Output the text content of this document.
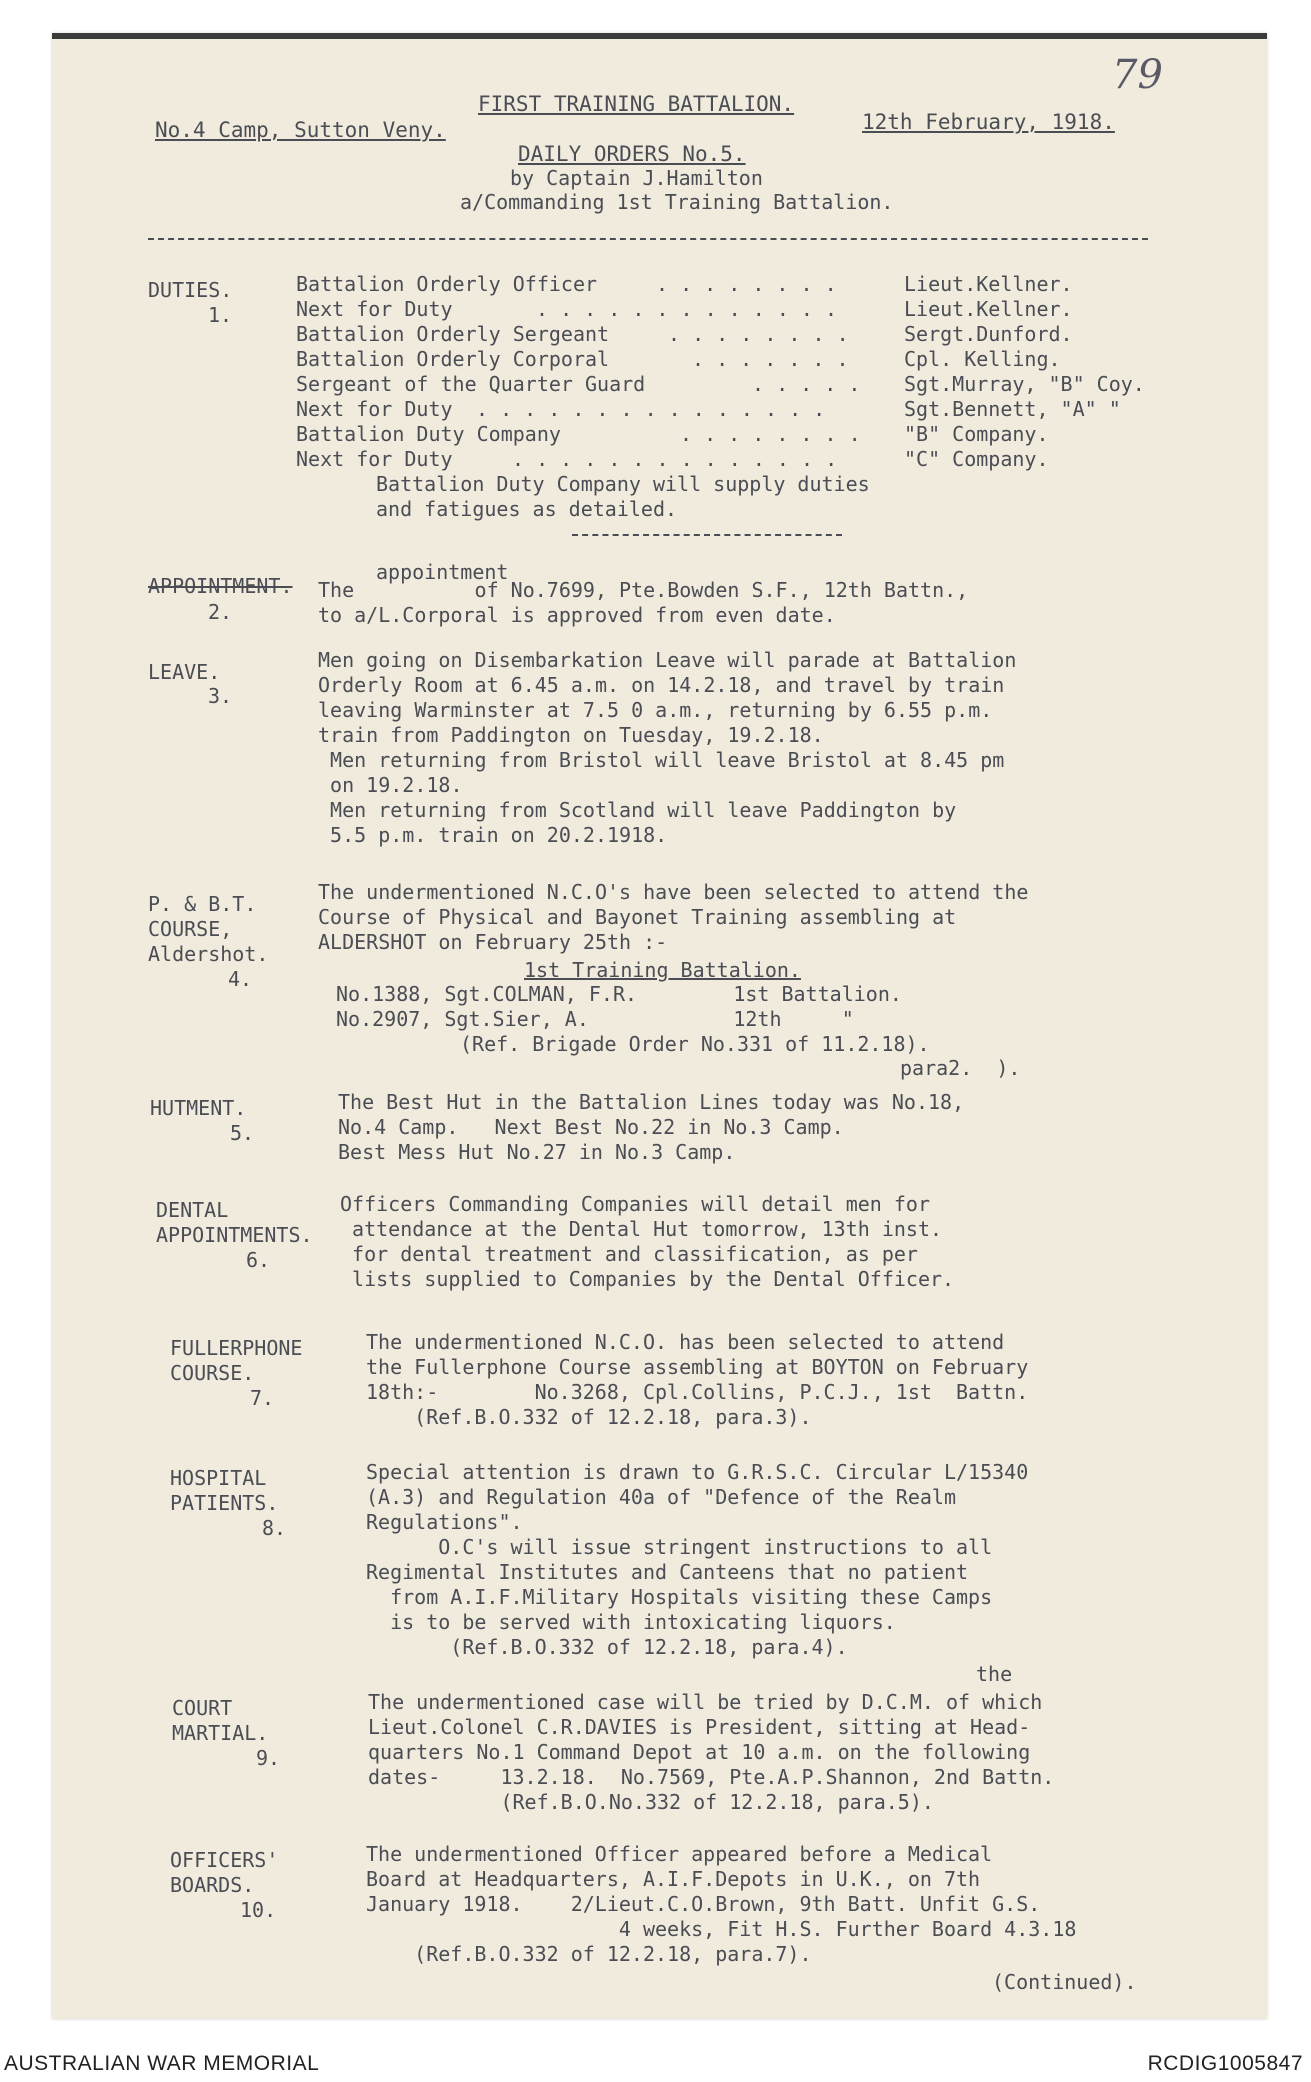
79
FIRST TRAINING BATTALION.
No.4 Camp, Sutton Veny.	12th February, 1918.
DAILY ORDERS No.5.
by Captain J.Hamilton
a/Commanding 1st Training Battalion.
DUTIES.
1.
Battalion Orderly Officer	. . . . . . . .	Lieut.Kellner.
Next for Duty	. . . . . . . . . . . . .	Lieut.Kellner.
Battalion Orderly Sergeant	. . . . . . . .	Sergt.Dunford.
Battalion Orderly Corporal	. . . . . . .	Cpl. Kelling.
Sergeant of the Quarter Guard	. . . . . Sgt.Murray, "B" Coy.
Next for Duty . . . . . . . . . . . . . . .	Sgt.Bennett, "A" "
Battalion Duty Company	. . . . . . . . "B" Company.
Next for Duty	. . . . . . . . . . . . . .	"C" Company.
Battalion Duty Company will supply duties
and fatigues as detailed.
APPOINTMENT.
2.
appointment
The          of No.7699, Pte.Bowden S.F., 12th Battn.,
to a/L.Corporal is approved from even date.
LEAVE.
3.
Men going on Disembarkation Leave will parade at Battalion
Orderly Room at 6.45 a.m. on 14.2.18, and travel by train
leaving Warminster at 7.5 0 a.m., returning by 6.55 p.m.
train from Paddington on Tuesday, 19.2.18.
Men returning from Bristol will leave Bristol at 8.45 pm
on 19.2.18.
Men returning from Scotland will leave Paddington by
5.5 p.m. train on 20.2.1918.
P. & B.T.
COURSE,
Aldershot.
4.
The undermentioned N.C.O's have been selected to attend the
Course of Physical and Bayonet Training assembling at
ALDERSHOT on February 25th :-
1st Training Battalion.
No.1388, Sgt.COLMAN, F.R.        1st Battalion.
No.2907, Sgt.Sier, A.            12th     "
(Ref. Brigade Order No.331 of 11.2.18).
para2.  ).
HUTMENT.
5.
The Best Hut in the Battalion Lines today was No.18,
No.4 Camp.   Next Best No.22 in No.3 Camp.
Best Mess Hut No.27 in No.3 Camp.
DENTAL
APPOINTMENTS.
6.
Officers Commanding Companies will detail men for
attendance at the Dental Hut tomorrow, 13th inst.
for dental treatment and classification, as per
lists supplied to Companies by the Dental Officer.
FULLERPHONE
COURSE.
7.
The undermentioned N.C.O. has been selected to attend
the Fullerphone Course assembling at BOYTON on February
18th:-        No.3268, Cpl.Collins, P.C.J., 1st  Battn.
(Ref.B.O.332 of 12.2.18, para.3).
HOSPITAL
PATIENTS.
8.
Special attention is drawn to G.R.S.C. Circular L/15340
(A.3) and Regulation 40a of "Defence of the Realm
Regulations".
O.C's will issue stringent instructions to all
Regimental Institutes and Canteens that no patient
from A.I.F.Military Hospitals visiting these Camps
is to be served with intoxicating liquors.
(Ref.B.O.332 of 12.2.18, para.4).
the
COURT
MARTIAL.
9.
The undermentioned case will be tried by D.C.M. of which
Lieut.Colonel C.R.DAVIES is President, sitting at Head-
quarters No.1 Command Depot at 10 a.m. on the following
dates-     13.2.18.  No.7569, Pte.A.P.Shannon, 2nd Battn.
(Ref.B.O.No.332 of 12.2.18, para.5).
OFFICERS'
BOARDS.
10.
The undermentioned Officer appeared before a Medical
Board at Headquarters, A.I.F.Depots in U.K., on 7th
January 1918.    2/Lieut.C.O.Brown, 9th Batt. Unfit G.S.
4 weeks, Fit H.S. Further Board 4.3.18
(Ref.B.O.332 of 12.2.18, para.7).
(Continued).
AUSTRALIAN WAR MEMORIAL	RCDIG1005847
